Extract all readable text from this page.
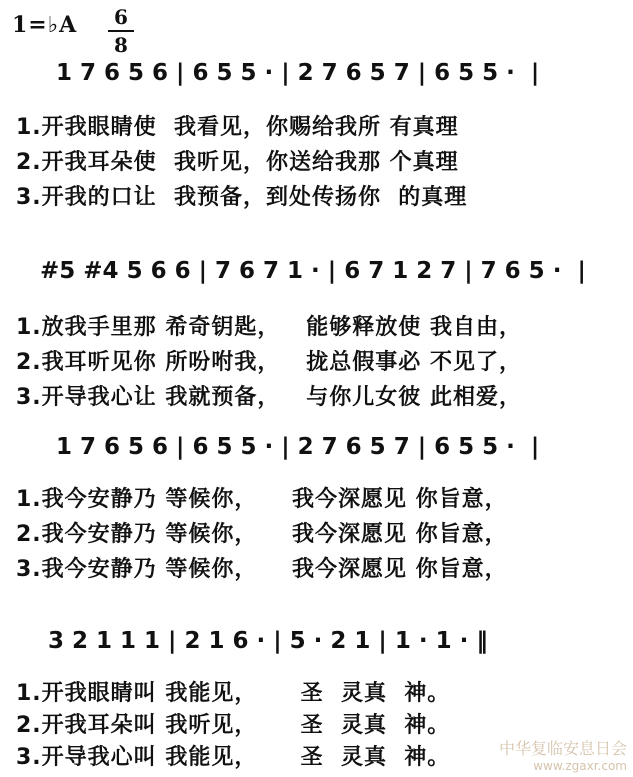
1=♭A	6
8
1 7 6 5 6 | 6 5 5 · | 2 7 6 5 7 | 6 5 5 ·  |
1.开我眼睛使  我看见，你赐给我所 有真理
2.开我耳朵使  我听见，你送给我那 个真理
3.开我的口让  我预备，到处传扬你  的真理
#5 #4 5 6 6 | 7 6 7 1 · | 6 7 1 2 7 | 7 6 5 ·  |
1.放我手里那 希奇钥匙，   能够释放使 我自由，
2.我耳听见你 所吩咐我，   拢总假事必 不见了，
3.开导我心让 我就预备，   与你儿女彼 此相爱，
1 7 6 5 6 | 6 5 5 · | 2 7 6 5 7 | 6 5 5 ·  |
1.我今安静乃 等候你，    我今深愿见 你旨意，
2.我今安静乃 等候你，    我今深愿见 你旨意，
3.我今安静乃 等候你，    我今深愿见 你旨意，
3 2 1 1 1 | 2 1 6 · | 5 · 2 1 | 1 · 1 · ‖
1.开我眼睛叫 我能见，     圣  灵真  神。
2.开我耳朵叫 我听见，     圣  灵真  神。
3.开导我心叫 我能见，     圣  灵真  神。	中华复临安息日会
www.zgaxr.com
